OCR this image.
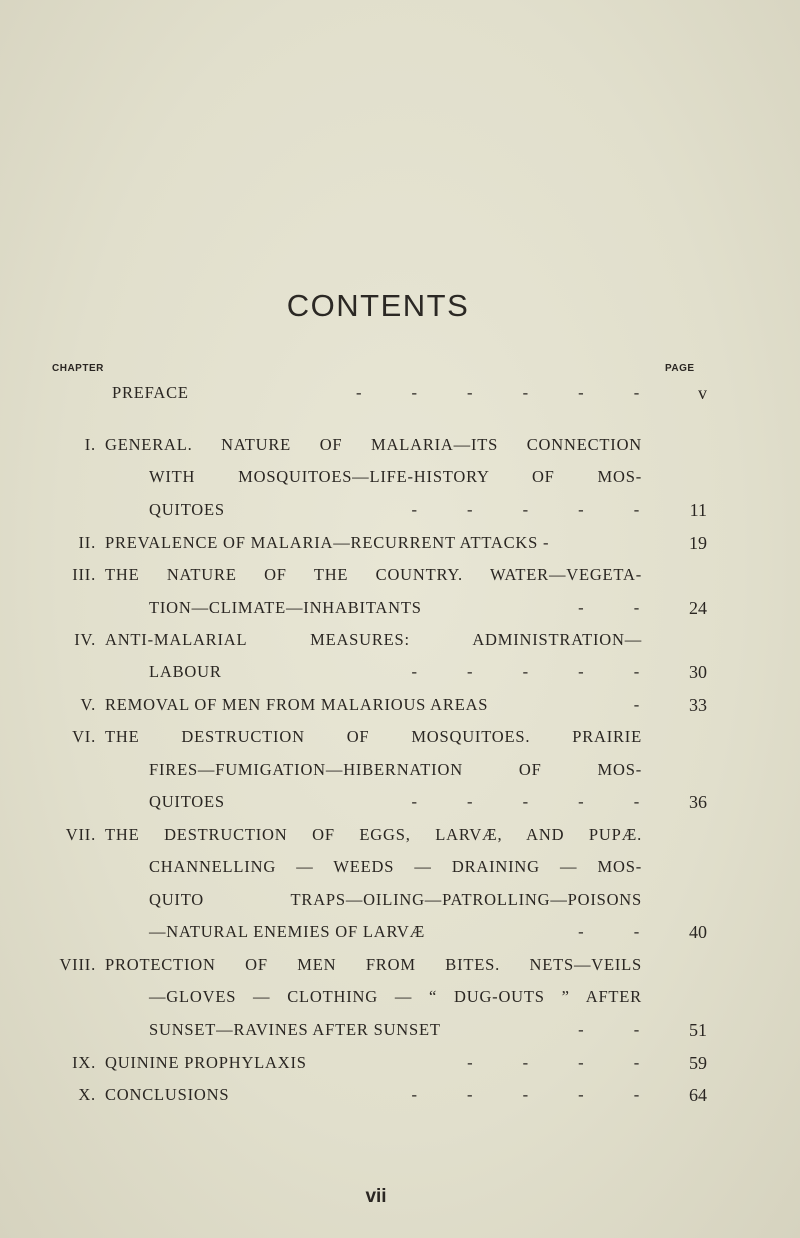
CONTENTS
CHAPTER	PAGE
PREFACE	-          -          -          -          -          -	v
I. GENERAL. NATURE OF MALARIA—ITS CONNECTION
WITH MOSQUITOES—LIFE-HISTORY OF MOS-
QUITOES	-          -          -          -          -	11
II. PREVALENCE OF MALARIA—RECURRENT ATTACKS -	19
III. THE NATURE OF THE COUNTRY. WATER—VEGETA-
TION—CLIMATE—INHABITANTS	-          -	24
IV. ANTI-MALARIAL MEASURES: ADMINISTRATION—
LABOUR	-          -          -          -          -	30
V. REMOVAL OF MEN FROM MALARIOUS AREAS	-	33
VI. THE DESTRUCTION OF MOSQUITOES. PRAIRIE
FIRES—FUMIGATION—HIBERNATION OF MOS-
QUITOES	-          -          -          -          -	36
VII. THE DESTRUCTION OF EGGS, LARVÆ, AND PUPÆ.
CHANNELLING — WEEDS — DRAINING — MOS-
QUITO TRAPS—OILING—PATROLLING—POISONS
—NATURAL ENEMIES OF LARVÆ	-          -	40
VIII. PROTECTION OF MEN FROM BITES. NETS—VEILS
—GLOVES — CLOTHING — “ DUG-OUTS ” AFTER
SUNSET—RAVINES AFTER SUNSET	-          -	51
IX. QUININE PROPHYLAXIS	-          -          -          -	59
X. CONCLUSIONS	-          -          -          -          -	64
vii
